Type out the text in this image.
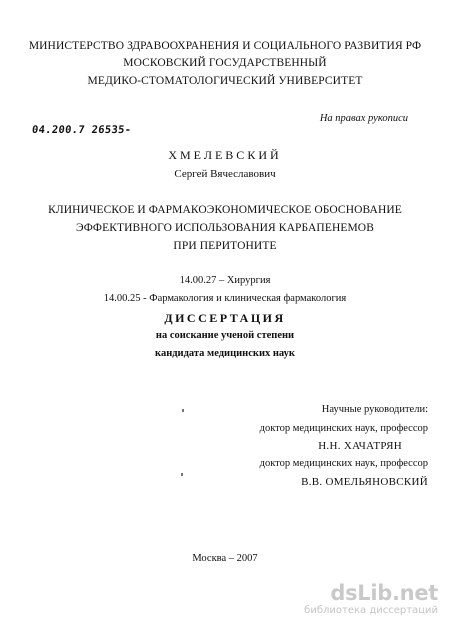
МИНИСТЕРСТВО ЗДРАВООХРАНЕНИЯ И СОЦИАЛЬНОГО РАЗВИТИЯ РФ
МОСКОВСКИЙ ГОСУДАРСТВЕННЫЙ
МЕДИКО-СТОМАТОЛОГИЧЕСКИЙ УНИВЕРСИТЕТ
На правах рукописи
04.200.7 26535-
ХМЕЛЕВСКИЙ
Сергей Вячеславович
КЛИНИЧЕСКОЕ И ФАРМАКОЭКОНОМИЧЕСКОЕ ОБОСНОВАНИЕ
ЭФФЕКТИВНОГО ИСПОЛЬЗОВАНИЯ КАРБАПЕНЕМОВ
ПРИ ПЕРИТОНИТЕ
14.00.27 – Хирургия
14.00.25 - Фармакология и клиническая фармакология
ДИССЕРТАЦИЯ
на соискание ученой степени
кандидата медицинских наук
Научные руководители:
доктор медицинских наук, профессор
Н.Н. ХАЧАТРЯН
доктор медицинских наук, профессор
В.В. ОМЕЛЬЯНОВСКИЙ
Москва – 2007
dsLib.net
библиотека диссертаций
